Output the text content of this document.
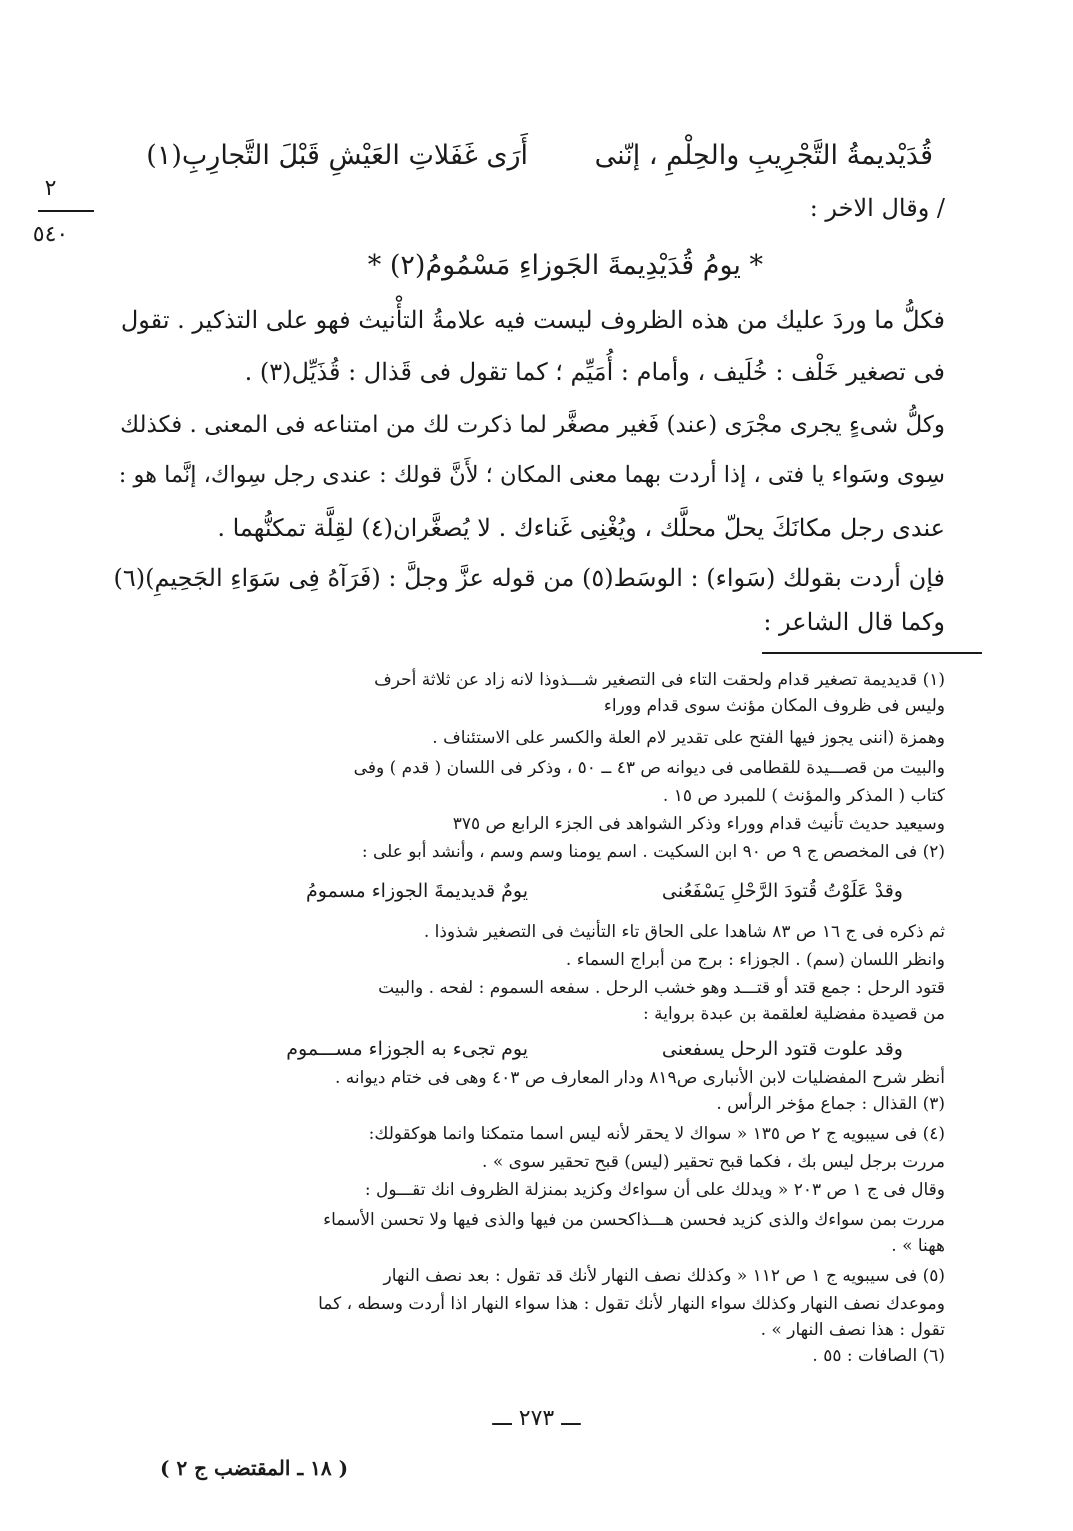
٢
٥٤٠
قُدَيْديمةُ التَّجْرِيبِ والحِلْمِ ، إنّنى
أَرَى غَفَلاتِ العَيْشِ قَبْلَ التَّجارِبِ(١)
/ وقال الاخر :
* يومُ قُدَيْدِيمةَ الجَوزاءِ مَسْمُومُ(٢) *
فكلُّ ما وردَ عليك من هذه الظروف ليست فيه علامةُ التأْنيث فهو على التذكير . تقول
فى تصغير خَلْف : خُلَيف ، وأمام : أُمَيِّم ؛ كما تقول فى قَذال : قُذَيِّل(٣) .
وكلُّ شىءٍ يجرى مجْرَى (عند) فَغير مصغَّر لما ذكرت لك من امتناعه فى المعنى . فكذلك
سِوى وسَواء يا فتى ، إذا أردت بهما معنى المكان ؛ لأَنَّ قولك : عندى رجل سِواك، إنَّما هو :
عندى رجل مكانَكَ يحلّ محلَّك ، ويُغْنِى غَناءك . لا يُصغَّران(٤) لقِلَّة تمكنُّهما .
فإن أردت بقولك (سَواء) : الوسَط(٥) من قوله عزَّ وجلَّ : (فَرَآهُ فِى سَوَاءِ الجَحِيمِ)(٦)
وكما قال الشاعر :
(١) قديديمة تصغير قدام ولحقت التاء فى التصغير شـــذوذا لانه زاد عن ثلاثة أحرف
وليس فى ظروف المكان مؤنث سوى قدام ووراء
وهمزة (اننى يجوز فيها الفتح على تقدير لام العلة والكسر على الاستئناف .
والبيت من قصـــيدة للقطامى فى ديوانه ص ٤٣ ــ ٥٠ ، وذكر فى اللسان ( قدم ) وفى
كتاب ( المذكر والمؤنث ) للمبرد ص ١٥ .
وسيعيد حديث تأنيث قدام ووراء وذكر الشواهد فى الجزء الرابع ص ٣٧٥
(٢) فى المخصص ج ٩ ص ٩٠ ابن السكيت . اسم يومنا وسم وسم ، وأنشد أبو على :
وقدْ عَلَوْتُ قُتودَ الرَّحْلِ يَسْفَعُنى
يومٌ قديديمةَ الجوزاء مسمومُ
ثم ذكره فى ج ١٦ ص ٨٣ شاهدا على الحاق تاء التأنيث فى التصغير شذوذا .
وانظر اللسان (سم) . الجوزاء : برج من أبراج السماء .
قتود الرحل : جمع قتد أو قتـــد وهو خشب الرحل . سفعه السموم : لفحه . والبيت
من قصيدة مفضلية لعلقمة بن عبدة برواية :
وقد علوت قتود الرحل يسفعنى
يوم تجىء به الجوزاء مســـموم
أنظر شرح المفضليات لابن الأنبارى ص٨١٩ ودار المعارف ص ٤٠٣ وهى فى ختام ديوانه .
(٣) القذال : جماع مؤخر الرأس .
(٤) فى سيبويه ج ٢ ص ١٣٥ « سواك لا يحقر لأنه ليس اسما متمكنا وانما هوكقولك:
مررت برجل ليس بك ، فكما قبح تحقير (ليس) قبح تحقير سوى » .
وقال فى ج ١ ص ٢٠٣ « ويدلك على أن سواءك وكزيد بمنزلة الظروف انك تقـــول :
مررت بمن سواءك والذى كزيد فحسن هـــذاكحسن من فيها والذى فيها ولا تحسن الأسماء
ههنا » .
(٥) فى سيبويه ج ١ ص ١١٢ « وكذلك نصف النهار لأنك قد تقول : بعد نصف النهار
وموعدك نصف النهار وكذلك سواء النهار لأنك تقول : هذا سواء النهار اذا أردت وسطه ، كما
تقول : هذا نصف النهار » .
(٦) الصافات : ٥٥ .
ـــ ٢٧٣ ـــ
( ١٨ ـ المقتضب ج ٢ )
